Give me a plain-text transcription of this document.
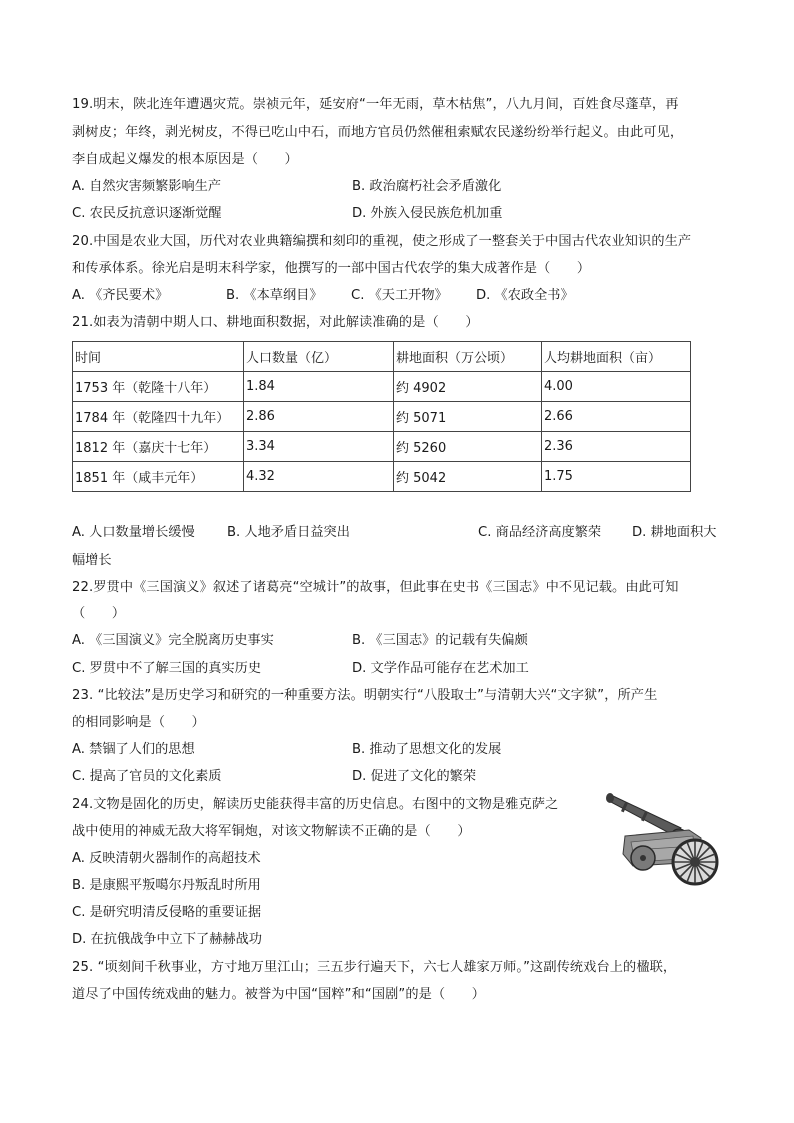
19.明末，陕北连年遭遇灾荒。崇祯元年，延安府“一年无雨，草木枯焦”，八九月间，百姓食尽蓬草，再
剥树皮；年终，剥光树皮，不得已吃山中石，而地方官员仍然催租索赋农民遂纷纷举行起义。由此可见，
李自成起义爆发的根本原因是（　　）
A. 自然灾害频繁影响生产	B. 政治腐朽社会矛盾激化
C. 农民反抗意识逐渐觉醒	D. 外族入侵民族危机加重
20.中国是农业大国，历代对农业典籍编撰和刻印的重视，使之形成了一整套关于中国古代农业知识的生产
和传承体系。徐光启是明末科学家，他撰写的一部中国古代农学的集大成著作是（　　）
A. 《齐民要术》	B. 《本草纲目》 C. 《天工开物》 D. 《农政全书》
21.如表为清朝中期人口、耕地面积数据，对此解读准确的是（　　）
时间	人口数量（亿）	耕地面积（万公顷）	人均耕地面积（亩）
1753 年（乾隆十八年）	1.84	约 4902	4.00
1784 年（乾隆四十九年）	2.86	约 5071	2.66
1812 年（嘉庆十七年）	3.34	约 5260	2.36
1851 年（咸丰元年）	4.32	约 5042	1.75
A. 人口数量增长缓慢 B. 人地矛盾日益突出	C. 商品经济高度繁荣 D. 耕地面积大
幅增长
22.罗贯中《三国演义》叙述了诸葛亮“空城计”的故事，但此事在史书《三国志》中不见记载。由此可知
（　　）
A. 《三国演义》完全脱离历史事实	B. 《三国志》的记载有失偏颇
C. 罗贯中不了解三国的真实历史	D. 文学作品可能存在艺术加工
23. “比较法”是历史学习和研究的一种重要方法。明朝实行“八股取士”与清朝大兴“文字狱”，所产生
的相同影响是（　　）
A. 禁锢了人们的思想	B. 推动了思想文化的发展
C. 提高了官员的文化素质	D. 促进了文化的繁荣
24.文物是固化的历史，解读历史能获得丰富的历史信息。右图中的文物是雅克萨之
战中使用的神威无敌大将军铜炮，对该文物解读不正确的是（　　）
A. 反映清朝火器制作的高超技术
B. 是康熙平叛噶尔丹叛乱时所用
C. 是研究明清反侵略的重要证据
D. 在抗俄战争中立下了赫赫战功
25. “顷刻间千秋事业，方寸地万里江山；三五步行遍天下，六七人雄家万师。”这副传统戏台上的楹联，
道尽了中国传统戏曲的魅力。被誉为中国“国粹”和“国剧”的是（　　）
